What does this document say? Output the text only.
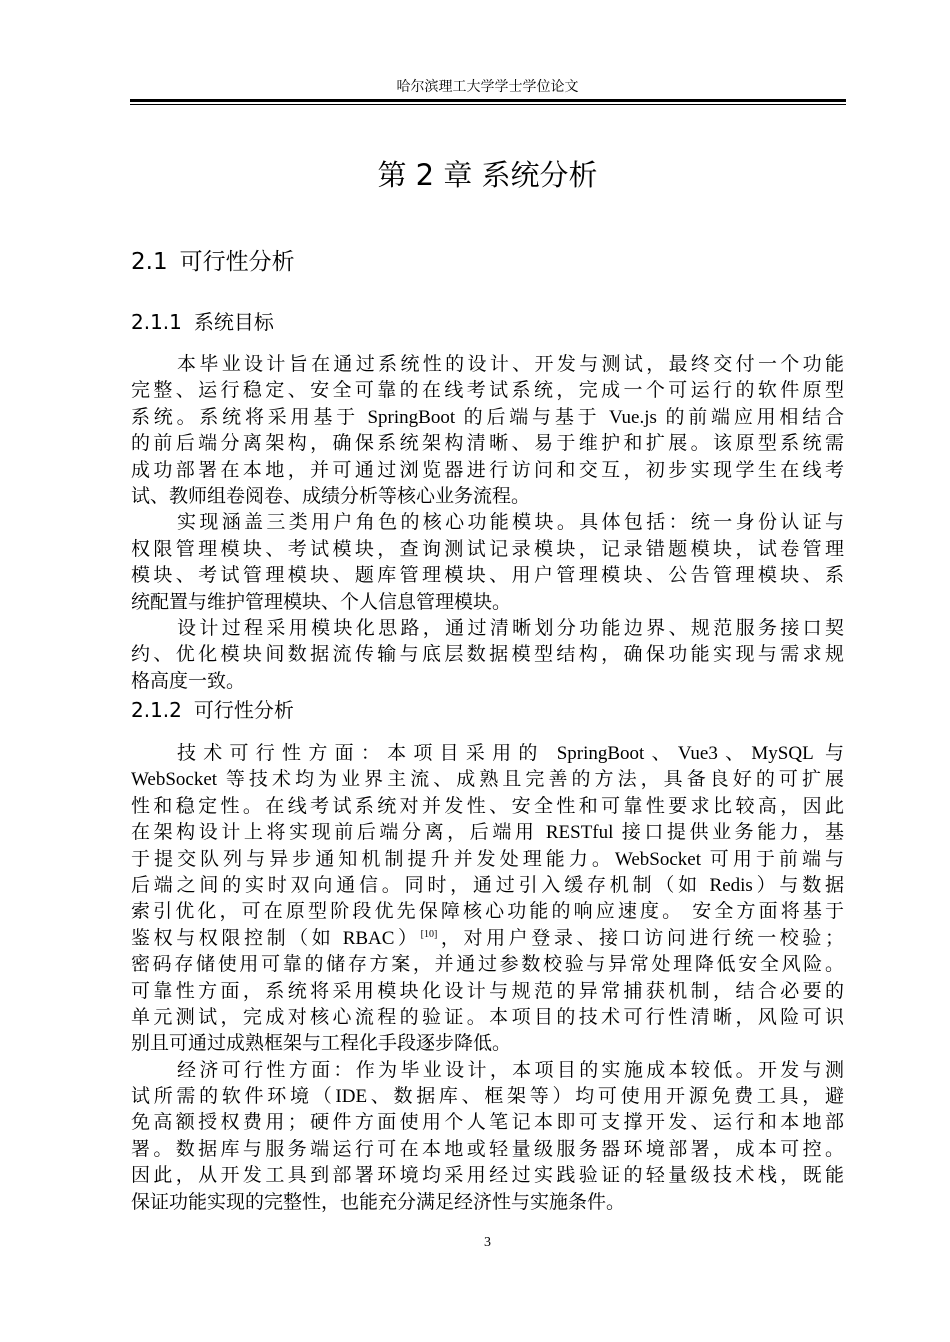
哈尔滨理工大学学士学位论文
第 2 章 系统分析
2.1 可行性分析
2.1.1 系统目标
本毕业设计旨在通过系统性的设计、开发与测试，最终交付一个功能
完整、运行稳定、安全可靠的在线考试系统，完成一个可运行的软件原型
系统。系统将采用基于 SpringBoot 的后端与基于 Vue.js 的前端应用相结合
的前后端分离架构，确保系统架构清晰、易于维护和扩展。该原型系统需
成功部署在本地，并可通过浏览器进行访问和交互，初步实现学生在线考
试、教师组卷阅卷、成绩分析等核心业务流程。
实现涵盖三类用户角色的核心功能模块。具体包括：统一身份认证与
权限管理模块、考试模块，查询测试记录模块，记录错题模块，试卷管理
模块、考试管理模块、题库管理模块、用户管理模块、公告管理模块、系
统配置与维护管理模块、个人信息管理模块。
设计过程采用模块化思路，通过清晰划分功能边界、规范服务接口契
约、优化模块间数据流传输与底层数据模型结构，确保功能实现与需求规
格高度一致。
2.1.2 可行性分析
技术可行性方面：本项目采用的 SpringBoot、Vue3、MySQL 与
WebSocket 等技术均为业界主流、成熟且完善的方法，具备良好的可扩展
性和稳定性。在线考试系统对并发性、安全性和可靠性要求比较高，因此
在架构设计上将实现前后端分离，后端用 RESTful 接口提供业务能力，基
于提交队列与异步通知机制提升并发处理能力。WebSocket 可用于前端与
后端之间的实时双向通信。同时，通过引入缓存机制（如 Redis）与数据
索引优化，可在原型阶段优先保障核心功能的响应速度。 安全方面将基于
鉴权与权限控制（如 RBAC）[10]，对用户登录、接口访问进行统一校验；
密码存储使用可靠的储存方案，并通过参数校验与异常处理降低安全风险。
可靠性方面，系统将采用模块化设计与规范的异常捕获机制，结合必要的
单元测试，完成对核心流程的验证。本项目的技术可行性清晰，风险可识
别且可通过成熟框架与工程化手段逐步降低。
经济可行性方面：作为毕业设计，本项目的实施成本较低。开发与测
试所需的软件环境（IDE、数据库、框架等）均可使用开源免费工具，避
免高额授权费用；硬件方面使用个人笔记本即可支撑开发、运行和本地部
署。数据库与服务端运行可在本地或轻量级服务器环境部署，成本可控。
因此，从开发工具到部署环境均采用经过实践验证的轻量级技术栈，既能
保证功能实现的完整性，也能充分满足经济性与实施条件。
3
